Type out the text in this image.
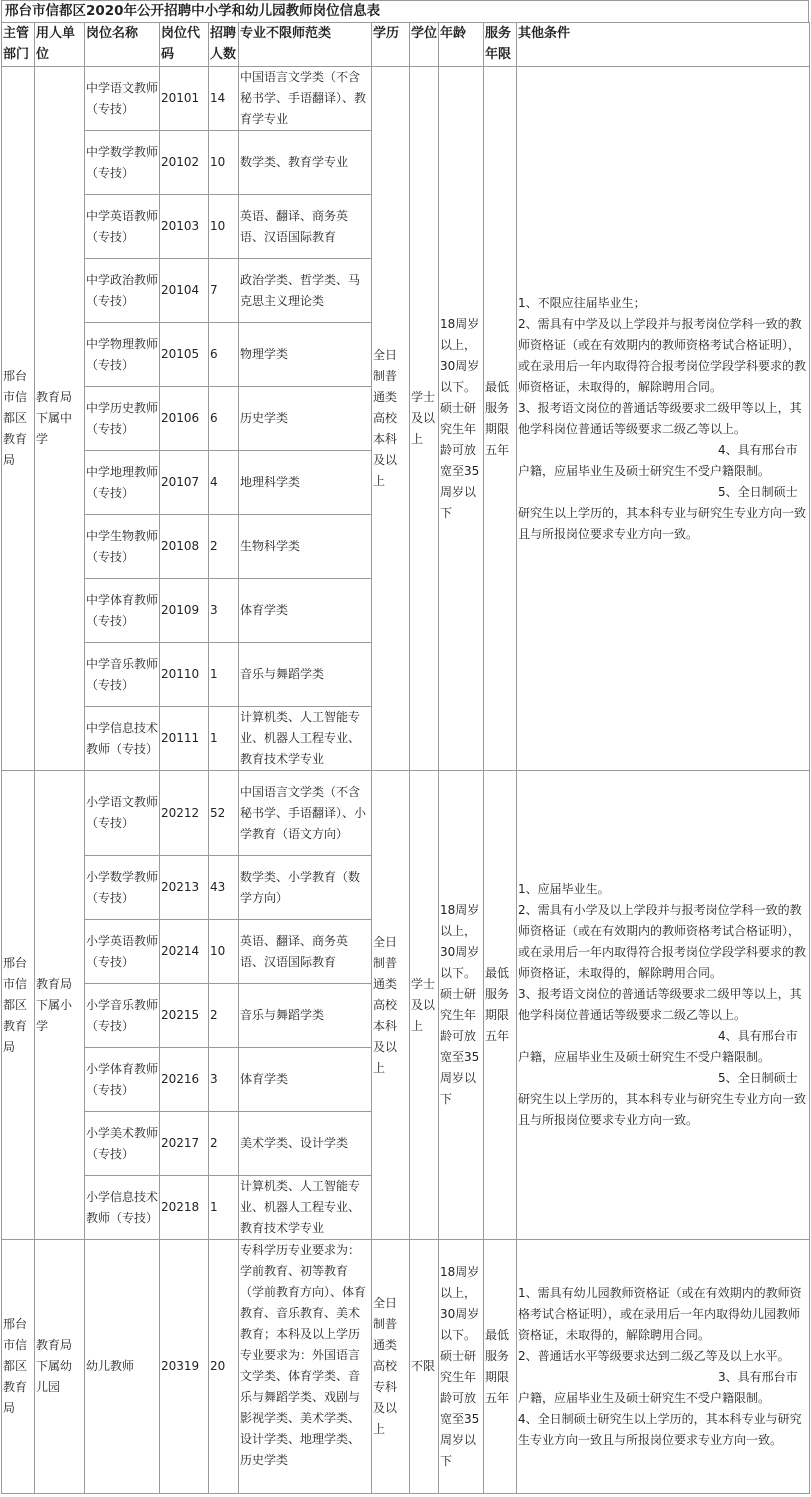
邢台市信都区2020年公开招聘中小学和幼儿园教师岗位信息表
主管部门	用人单位	岗位名称	岗位代码	招聘人数	专业不限师范类	学历	学位	年龄	服务年限	其他条件
邢台市信都区教育局	教育局下属中学	中学语文教师（专技）	20101	14	中国语言文学类（不含秘书学、手语翻译）、教育学专业	全日制普通类高校本科及以上	学士及以上	18周岁以上，30周岁以下。硕士研究生年龄可放宽至35周岁以下	最低服务期限五年	1、不限应往届毕业生；
2、需具有中学及以上学段并与报考岗位学科一致的教师资格证（或在有效期内的教师资格考试合格证明），或在录用后一年内取得符合报考岗位学段学科要求的教师资格证，未取得的，解除聘用合同。
3、报考语文岗位的普通话等级要求二级甲等以上，其他学科岗位普通话等级要求二级乙等以上。
4、具有邢台市户籍，应届毕业生及硕士研究生不受户籍限制。
5、全日制硕士研究生以上学历的，其本科专业与研究生专业方向一致且与所报岗位要求专业方向一致。

		中学数学教师（专技）	20102	10	数学类、教育学专业					
		中学英语教师（专技）	20103	10	英语、翻译、商务英语、汉语国际教育					
		中学政治教师（专技）	20104	7	政治学类、哲学类、马克思主义理论类					
		中学物理教师（专技）	20105	6	物理学类					
		中学历史教师（专技）	20106	6	历史学类					
		中学地理教师（专技）	20107	4	地理科学类					
		中学生物教师（专技）	20108	2	生物科学类					
		中学体育教师（专技）	20109	3	体育学类					
		中学音乐教师（专技）	20110	1	音乐与舞蹈学类					
		中学信息技术教师（专技）	20111	1	计算机类、人工智能专业、机器人工程专业、教育技术学专业					
邢台市信都区教育局	教育局下属小学	小学语文教师（专技）	20212	52	中国语言文学类（不含秘书学、手语翻译）、小学教育（语文方向）	全日制普通类高校本科及以上	学士及以上	18周岁以上，30周岁以下。硕士研究生年龄可放宽至35周岁以下	最低服务期限五年	1、应届毕业生。
2、需具有小学及以上学段并与报考岗位学科一致的教师资格证（或在有效期内的教师资格考试合格证明），或在录用后一年内取得符合报考岗位学段学科要求的教师资格证，未取得的，解除聘用合同。
3、报考语文岗位的普通话等级要求二级甲等以上，其他学科岗位普通话等级要求二级乙等以上。
4、具有邢台市户籍，应届毕业生及硕士研究生不受户籍限制。
5、全日制硕士研究生以上学历的，其本科专业与研究生专业方向一致且与所报岗位要求专业方向一致。

		小学数学教师（专技）	20213	43	数学类、小学教育（数学方向）					
		小学英语教师（专技）	20214	10	英语、翻译、商务英语、汉语国际教育					
		小学音乐教师（专技）	20215	2	音乐与舞蹈学类					
		小学体育教师（专技）	20216	3	体育学类					
		小学美术教师（专技）	20217	2	美术学类、设计学类					
		小学信息技术教师（专技）	20218	1	计算机类、人工智能专业、机器人工程专业、教育技术学专业					
邢台市信都区教育局	教育局下属幼儿园	幼儿教师	20319	20	专科学历专业要求为：学前教育、初等教育（学前教育方向）、体育教育、音乐教育、美术教育；本科及以上学历专业要求为：外国语言文学类、体育学类、音乐与舞蹈学类、戏剧与影视学类、美术学类、设计学类、地理学类、历史学类	全日制普通类高校专科及以上	不限	18周岁以上，30周岁以下。硕士研究生年龄可放宽至35周岁以下	最低服务期限五年	1、需具有幼儿园教师资格证（或在有效期内的教师资格考试合格证明），或在录用后一年内取得幼儿园教师资格证，未取得的，解除聘用合同。
2、普通话水平等级要求达到二级乙等及以上水平。
3、具有邢台市户籍，应届毕业生及硕士研究生不受户籍限制。
4、全日制硕士研究生以上学历的，其本科专业与研究生专业方向一致且与所报岗位要求专业方向一致。
